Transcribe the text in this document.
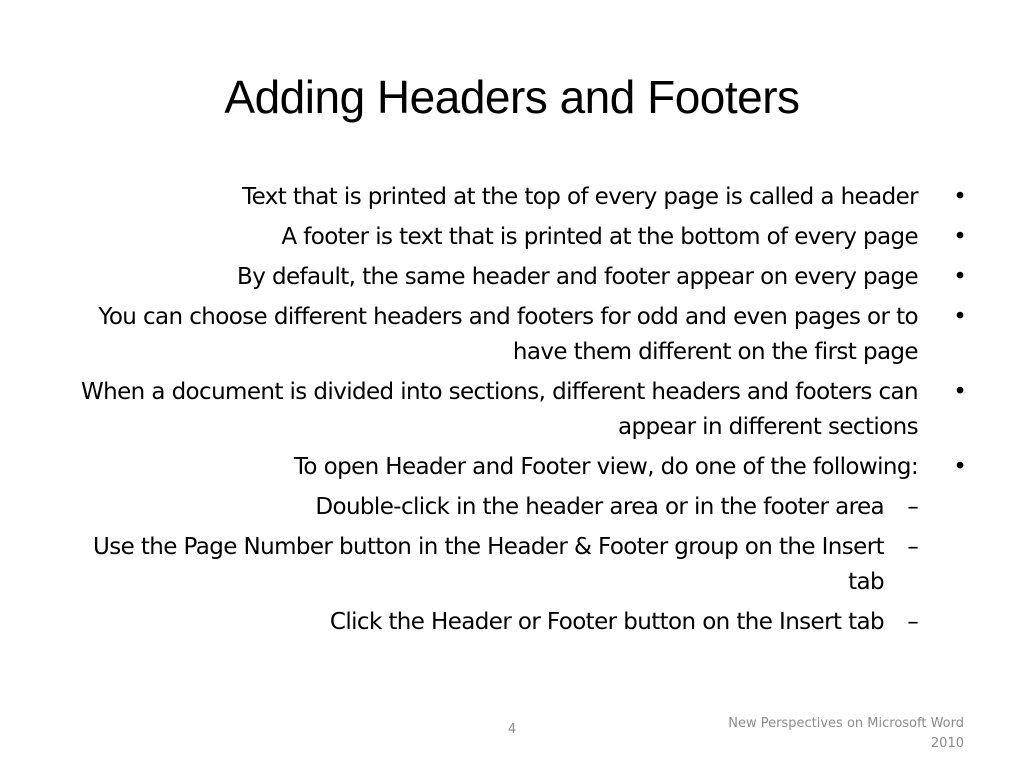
Adding Headers and Footers
Text that is printed at the top of every page is called a header	•
A footer is text that is printed at the bottom of every page	•
By default, the same header and footer appear on every page	•
You can choose different headers and footers for odd and even pages or to have them different on the first page
•
When a document is divided into sections, different headers and footers can appear in different sections
•
To open Header and Footer view, do one of the following:	•
Double-click in the header area or in the footer area	–
Use the Page Number button in the Header & Footer group on the Insert tab
–
Click the Header or Footer button on the Insert tab	–
4	New Perspectives on Microsoft Word 2010
